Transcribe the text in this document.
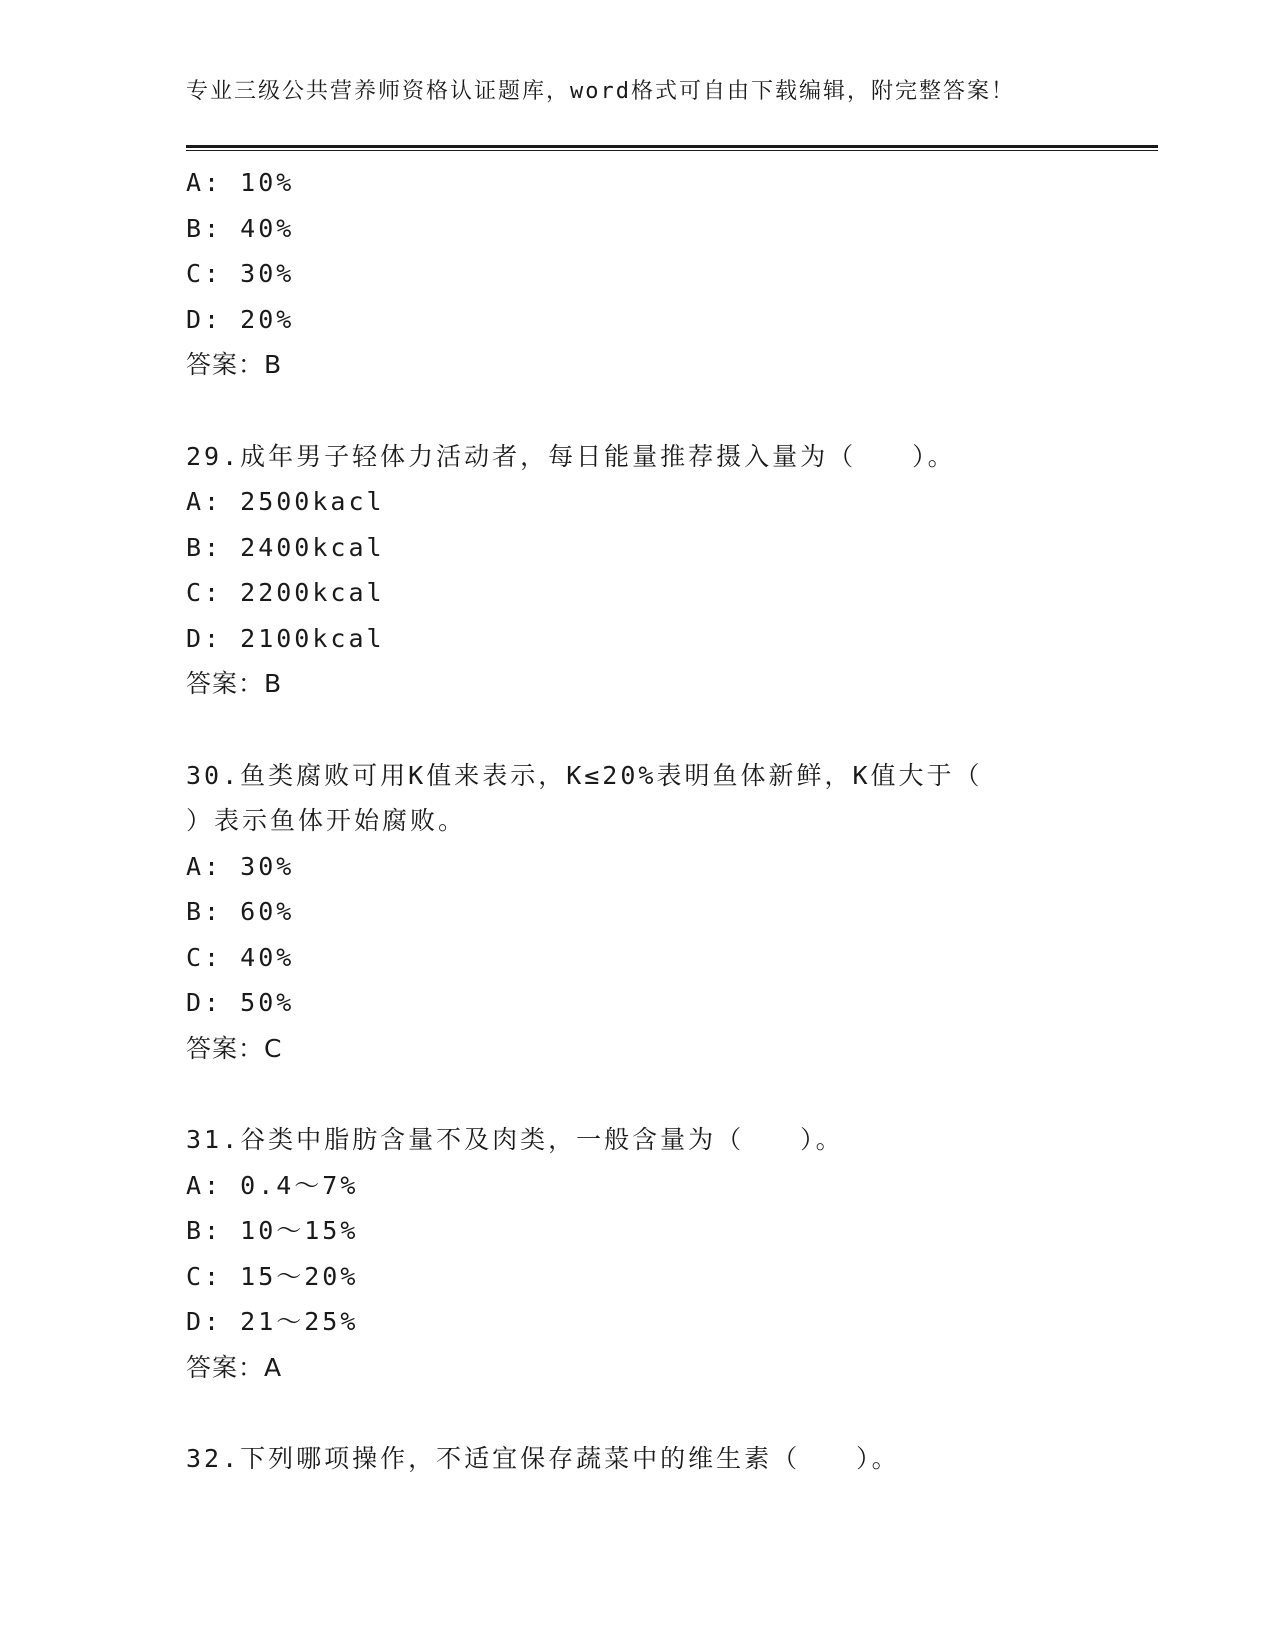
专业三级公共营养师资格认证题库，word格式可自由下载编辑，附完整答案！
A: 10%
B: 40%
C: 30%
D: 20%
答案：B
29.成年男子轻体力活动者，每日能量推荐摄入量为（　　）。
A: 2500kacl
B: 2400kcal
C: 2200kcal
D: 2100kcal
答案：B
30.鱼类腐败可用K值来表示，K≤20%表明鱼体新鲜，K值大于（
）表示鱼体开始腐败。
A: 30%
B: 60%
C: 40%
D: 50%
答案：C
31.谷类中脂肪含量不及肉类，一般含量为（　　）。
A: 0.4～7%
B: 10～15%
C: 15～20%
D: 21～25%
答案：A
32.下列哪项操作，不适宜保存蔬菜中的维生素（　　）。
